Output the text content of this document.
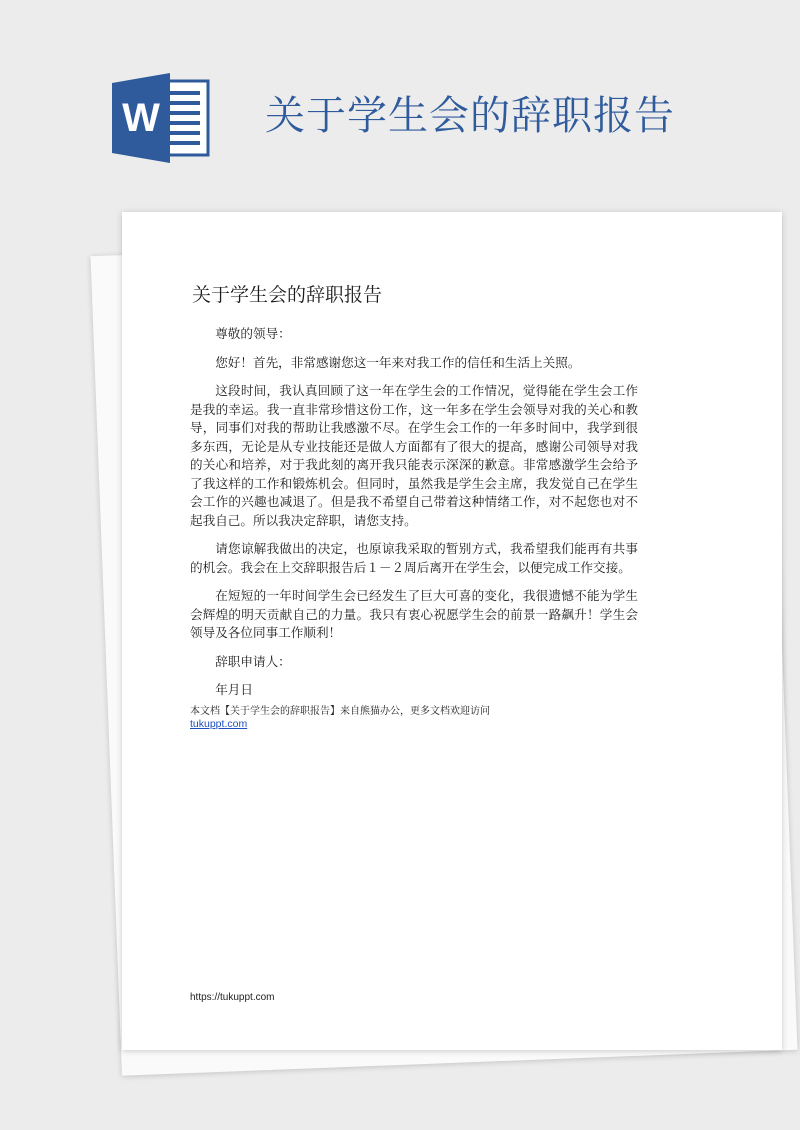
W	关于学生会的辞职报告
关于学生会的辞职报告

尊敬的领导：

您好！首先，非常感谢您这一年来对我工作的信任和生活上关照。

这段时间，我认真回顾了这一年在学生会的工作情况，觉得能在学生会工作是我的幸运。我一直非常珍惜这份工作，这一年多在学生会领导对我的关心和教导，同事们对我的帮助让我感激不尽。在学生会工作的一年多时间中，我学到很多东西，无论是从专业技能还是做人方面都有了很大的提高，感谢公司领导对我的关心和培养，对于我此刻的离开我只能表示深深的歉意。非常感激学生会给予了我这样的工作和锻炼机会。但同时，虽然我是学生会主席，我发觉自己在学生会工作的兴趣也减退了。但是我不希望自己带着这种情绪工作，对不起您也对不起我自己。所以我决定辞职，请您支持。

请您谅解我做出的决定，也原谅我采取的暂别方式，我希望我们能再有共事的机会。我会在上交辞职报告后１－２周后离开在学生会，以便完成工作交接。

在短短的一年时间学生会已经发生了巨大可喜的变化，我很遗憾不能为学生会辉煌的明天贡献自己的力量。我只有衷心祝愿学生会的前景一路飙升！学生会领导及各位同事工作顺利！

辞职申请人：

年月日

本文档【关于学生会的辞职报告】来自熊猫办公，更多文档欢迎访问
tukuppt.com
https://tukuppt.com
